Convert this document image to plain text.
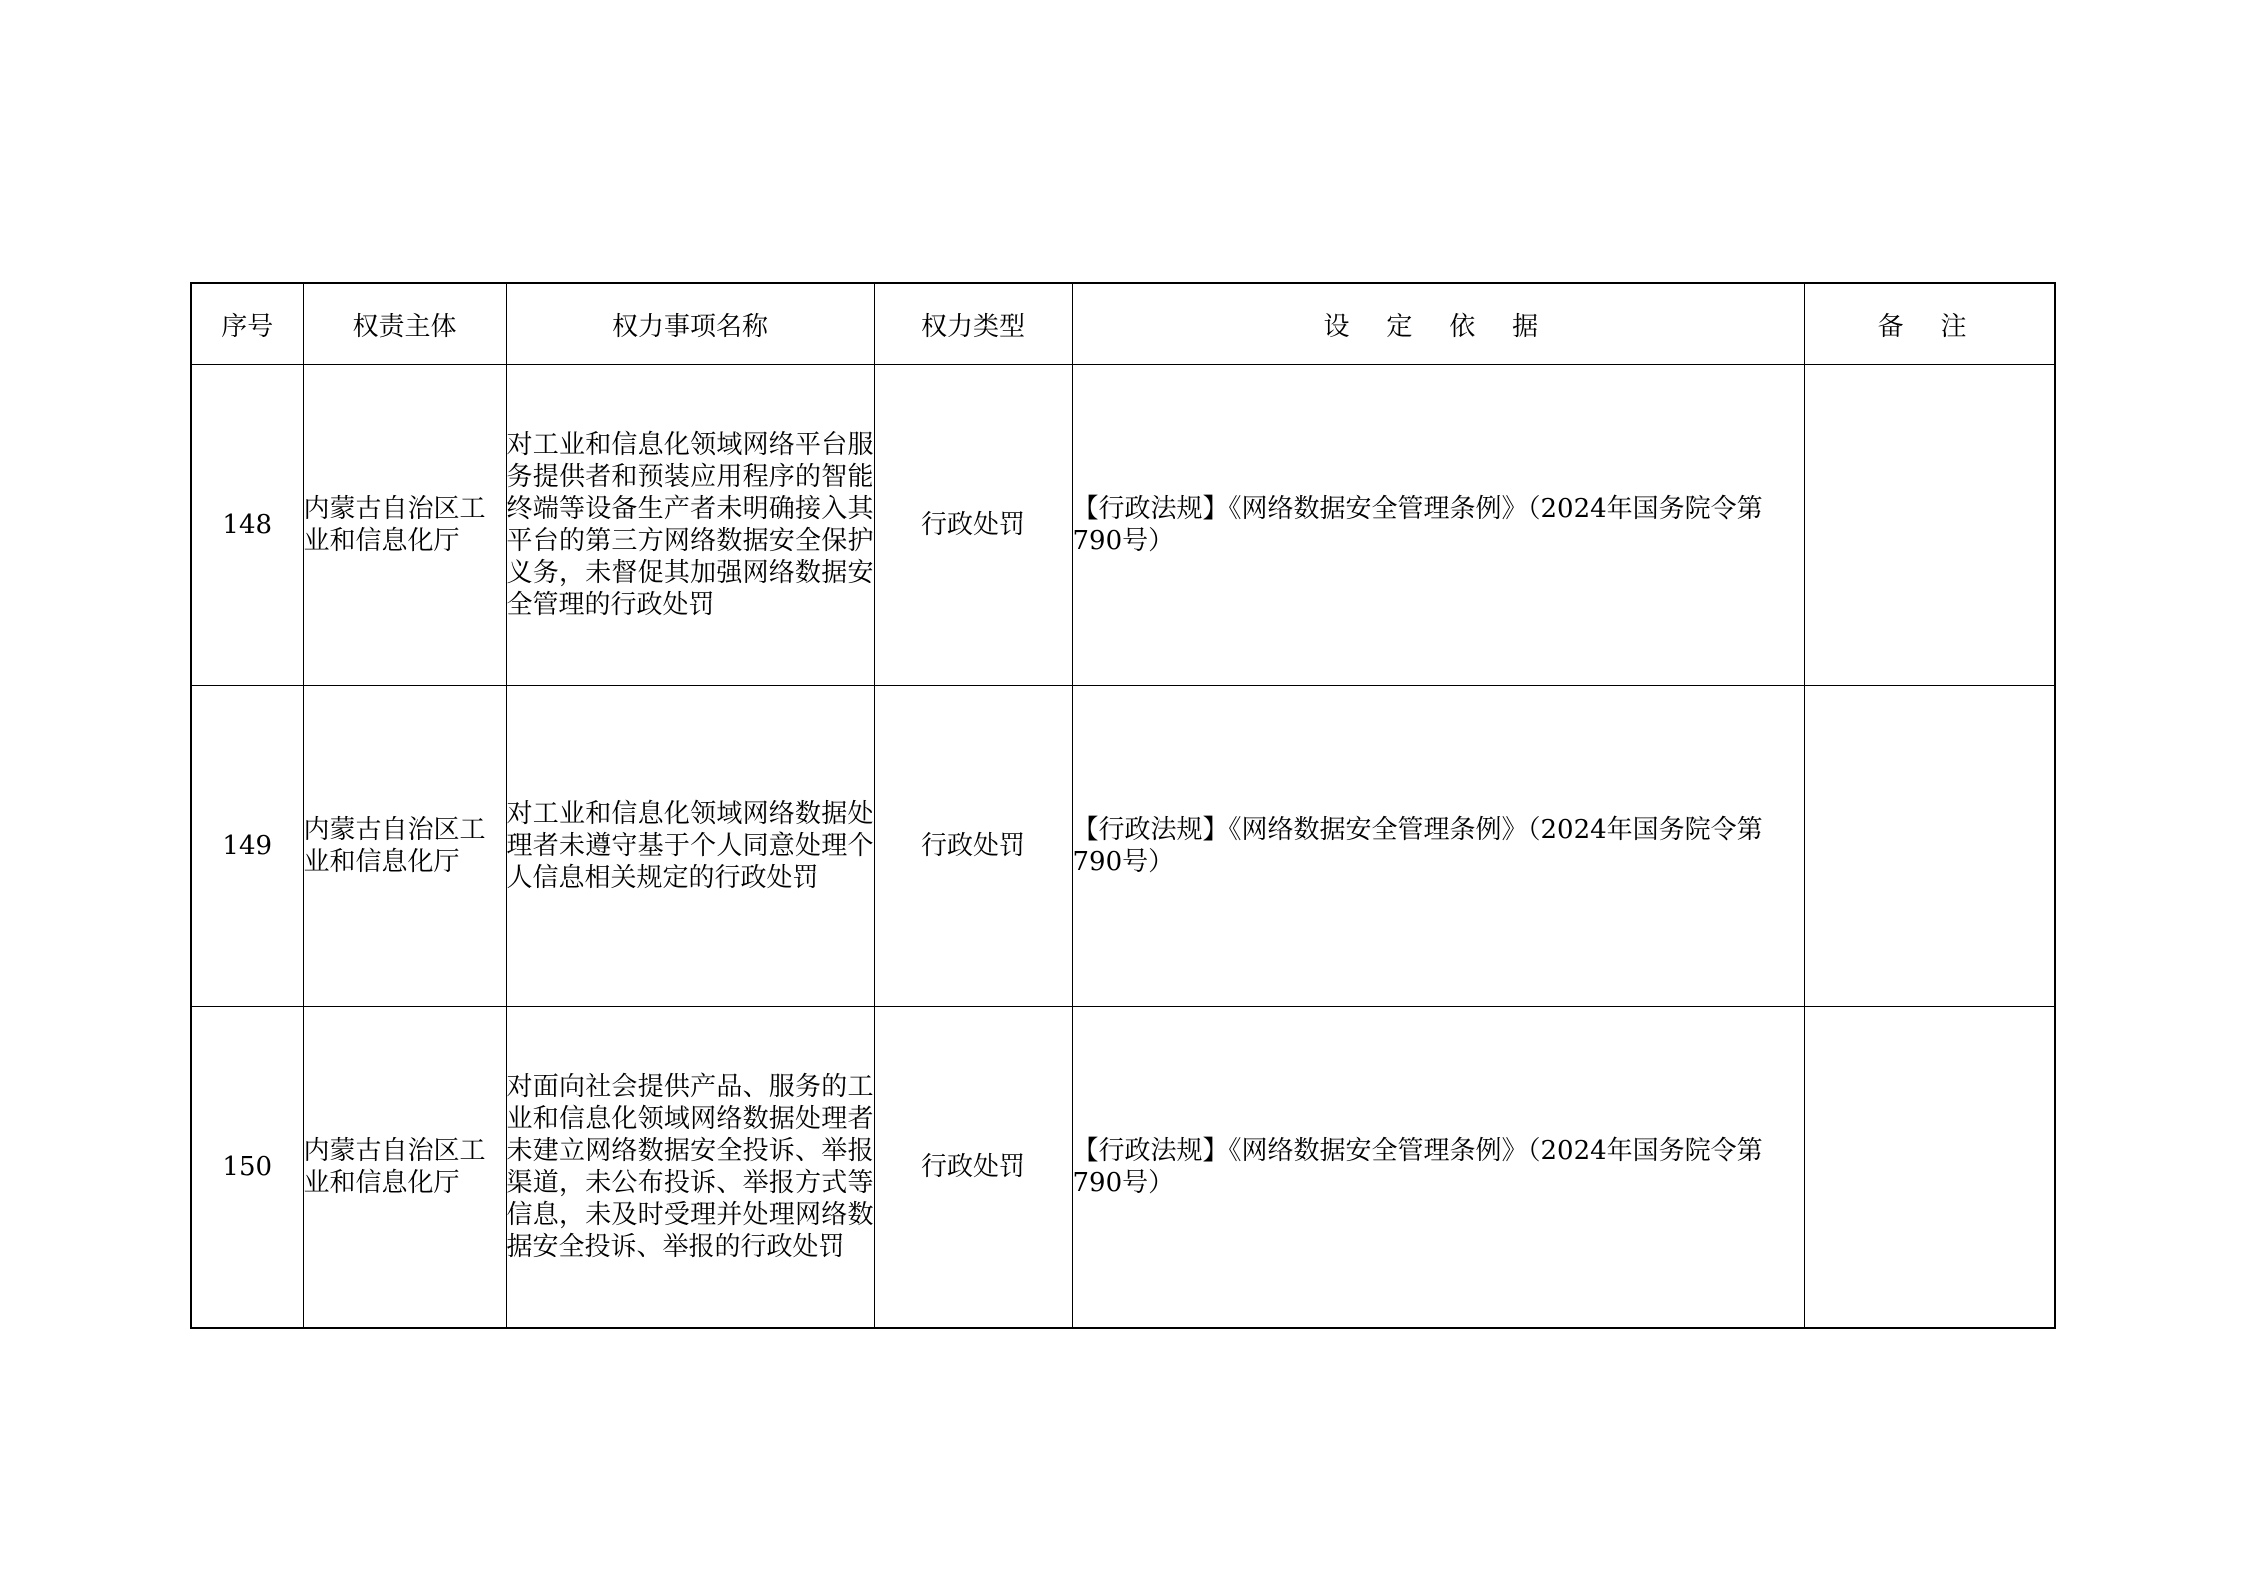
序号	权责主体	权力事项名称	权力类型	设 定 依 据	备 注
148	内蒙古自治区工业和信息化厅	对工业和信息化领域网络平台服务提供者和预装应用程序的智能终端等设备生产者未明确接入其平台的第三方网络数据安全保护义务，未督促其加强网络数据安全管理的行政处罚	行政处罚	【行政法规】《网络数据安全管理条例》（2024年国务院令第790号）	
149	内蒙古自治区工业和信息化厅	对工业和信息化领域网络数据处理者未遵守基于个人同意处理个人信息相关规定的行政处罚	行政处罚	【行政法规】《网络数据安全管理条例》（2024年国务院令第790号）	
150	内蒙古自治区工业和信息化厅	对面向社会提供产品、服务的工业和信息化领域网络数据处理者未建立网络数据安全投诉、举报渠道，未公布投诉、举报方式等信息，未及时受理并处理网络数据安全投诉、举报的行政处罚	行政处罚	【行政法规】《网络数据安全管理条例》（2024年国务院令第790号）	
